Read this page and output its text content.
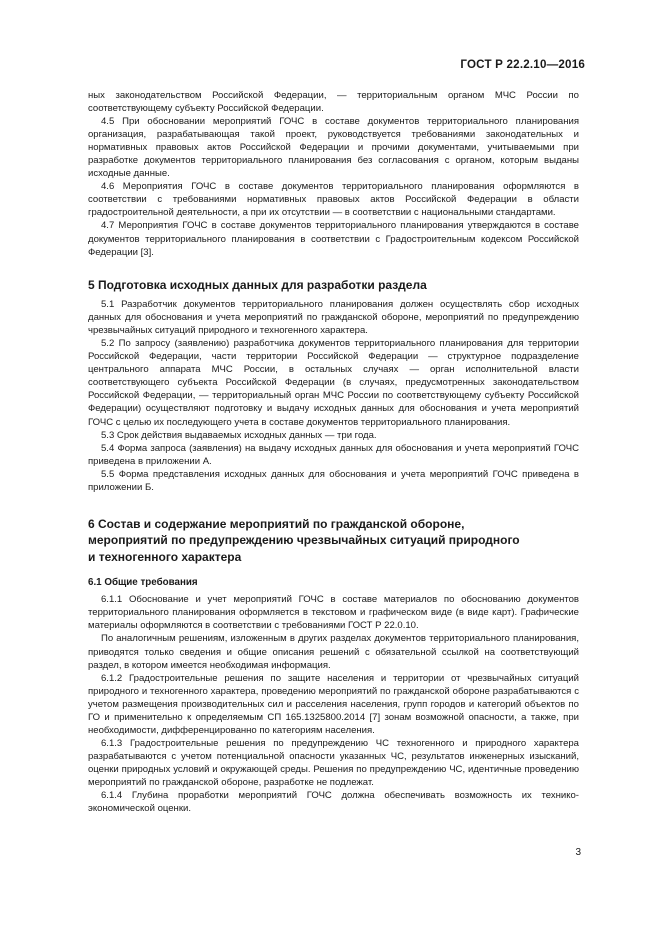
ГОСТ Р 22.2.10—2016

ных законодательством Российской Федерации, — территориальным органом МЧС России по соответствующему субъекту Российской Федерации.

4.5 При обосновании мероприятий ГОЧС в составе документов территориального планирования организация, разрабатывающая такой проект, руководствуется требованиями законодательных и нормативных правовых актов Российской Федерации и прочими документами, учитываемыми при разработке документов территориального планирования без согласования с органом, которым выданы исходные данные.

4.6 Мероприятия ГОЧС в составе документов территориального планирования оформляются в соответствии с требованиями нормативных правовых актов Российской Федерации в области градостроительной деятельности, а при их отсутствии — в соответствии с национальными стандартами.

4.7 Мероприятия ГОЧС в составе документов территориального планирования утверждаются в составе документов территориального планирования в соответствии с Градостроительным кодексом Российской Федерации [3].

5 Подготовка исходных данных для разработки раздела

5.1 Разработчик документов территориального планирования должен осуществлять сбор исходных данных для обоснования и учета мероприятий по гражданской обороне, мероприятий по предупреждению чрезвычайных ситуаций природного и техногенного характера.

5.2 По запросу (заявлению) разработчика документов территориального планирования для территории Российской Федерации, части территории Российской Федерации — структурное подразделение центрального аппарата МЧС России, в остальных случаях — орган исполнительной власти соответствующего субъекта Российской Федерации (в случаях, предусмотренных законодательством Российской Федерации, — территориальный орган МЧС России по соответствующему субъекту Российской Федерации) осуществляют подготовку и выдачу исходных данных для обоснования и учета мероприятий ГОЧС с целью их последующего учета в составе документов территориального планирования.

5.3 Срок действия выдаваемых исходных данных — три года.

5.4 Форма запроса (заявления) на выдачу исходных данных для обоснования и учета мероприятий ГОЧС приведена в приложении А.

5.5 Форма представления исходных данных для обоснования и учета мероприятий ГОЧС приведена в приложении Б.

6 Состав и содержание мероприятий по гражданской обороне,
мероприятий по предупреждению чрезвычайных ситуаций природного
и техногенного характера
6.1 Общие требования

6.1.1 Обоснование и учет мероприятий ГОЧС в составе материалов по обоснованию документов территориального планирования оформляется в текстовом и графическом виде (в виде карт). Графические материалы оформляются в соответствии с требованиями ГОСТ Р 22.0.10.

По аналогичным решениям, изложенным в других разделах документов территориального планирования, приводятся только сведения и общие описания решений с обязательной ссылкой на соответствующий раздел, в котором имеется необходимая информация.

6.1.2 Градостроительные решения по защите населения и территории от чрезвычайных ситуаций природного и техногенного характера, проведению мероприятий по гражданской обороне разрабатываются с учетом размещения производительных сил и расселения населения, групп городов и категорий объектов по ГО и применительно к определяемым СП 165.1325800.2014 [7] зонам возможной опасности, а также, при необходимости, дифференцированно по категориям населения.

6.1.3 Градостроительные решения по предупреждению ЧС техногенного и природного характера разрабатываются с учетом потенциальной опасности указанных ЧС, результатов инженерных изысканий, оценки природных условий и окружающей среды. Решения по предупреждению ЧС, идентичные проведению мероприятий по гражданской обороне, разработке не подлежат.

6.1.4 Глубина проработки мероприятий ГОЧС должна обеспечивать возможность их технико-экономической оценки.

3
